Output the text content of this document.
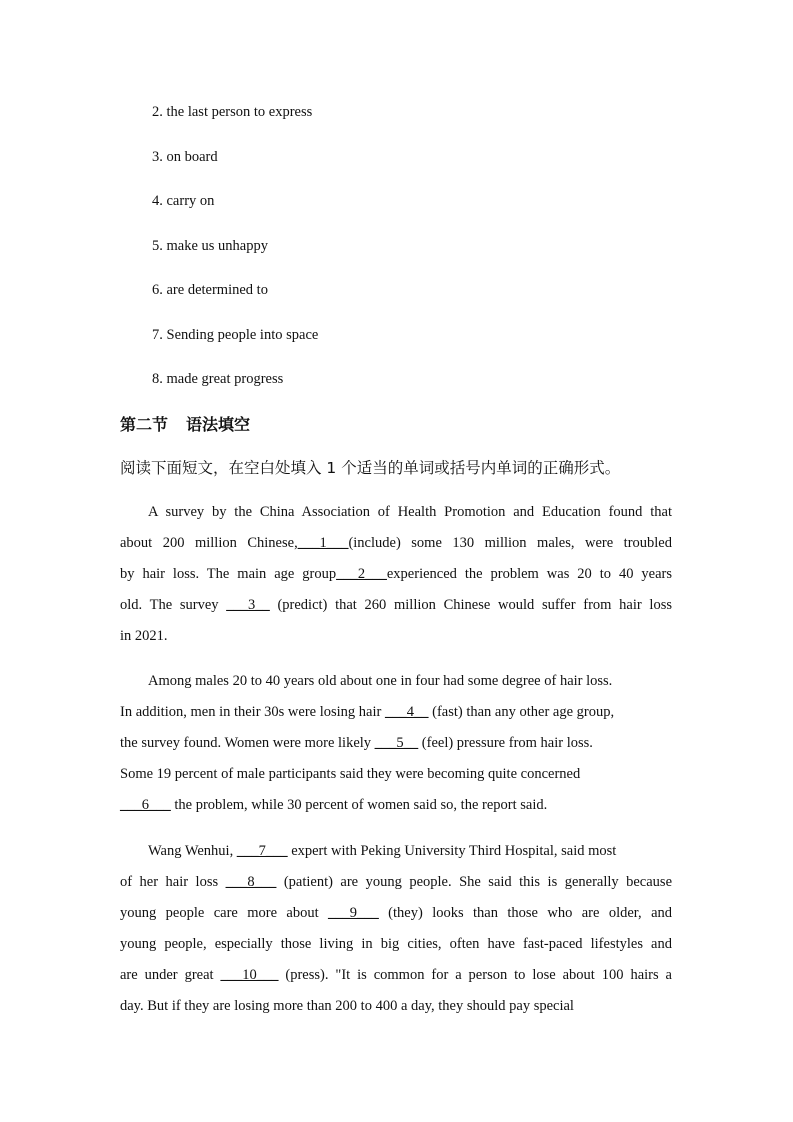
2. the last person to express
3. on board
4. carry on
5. make us unhappy
6. are determined to
7. Sending people into space
8. made great progress
第二节 语法填空
阅读下面短文，在空白处填入 1 个适当的单词或括号内单词的正确形式。
A survey by the China Association of Health Promotion and Education found that
about 200 million Chinese,___1___(include) some 130 million males, were troubled
by hair loss. The main age group___2___experienced the problem was 20 to 40 years
old. The survey ___3__ (predict) that 260 million Chinese would suffer from hair loss
in 2021.
Among males 20 to 40 years old about one in four had some degree of hair loss.
In addition, men in their 30s were losing hair ___4__ (fast) than any other age group,
the survey found. Women were more likely ___5__ (feel) pressure from hair loss.
Some 19 percent of male participants said they were becoming quite concerned
___6___ the problem, while 30 percent of women said so, the report said.
Wang Wenhui, ___7___ expert with Peking University Third Hospital, said most
of her hair loss ___8___ (patient) are young people. She said this is generally because
young people care more about ___9___ (they) looks than those who are older, and
young people, especially those living in big cities, often have fast-paced lifestyles and
are under great ___10___ (press). "It is common for a person to lose about 100 hairs a
day. But if they are losing more than 200 to 400 a day, they should pay special
